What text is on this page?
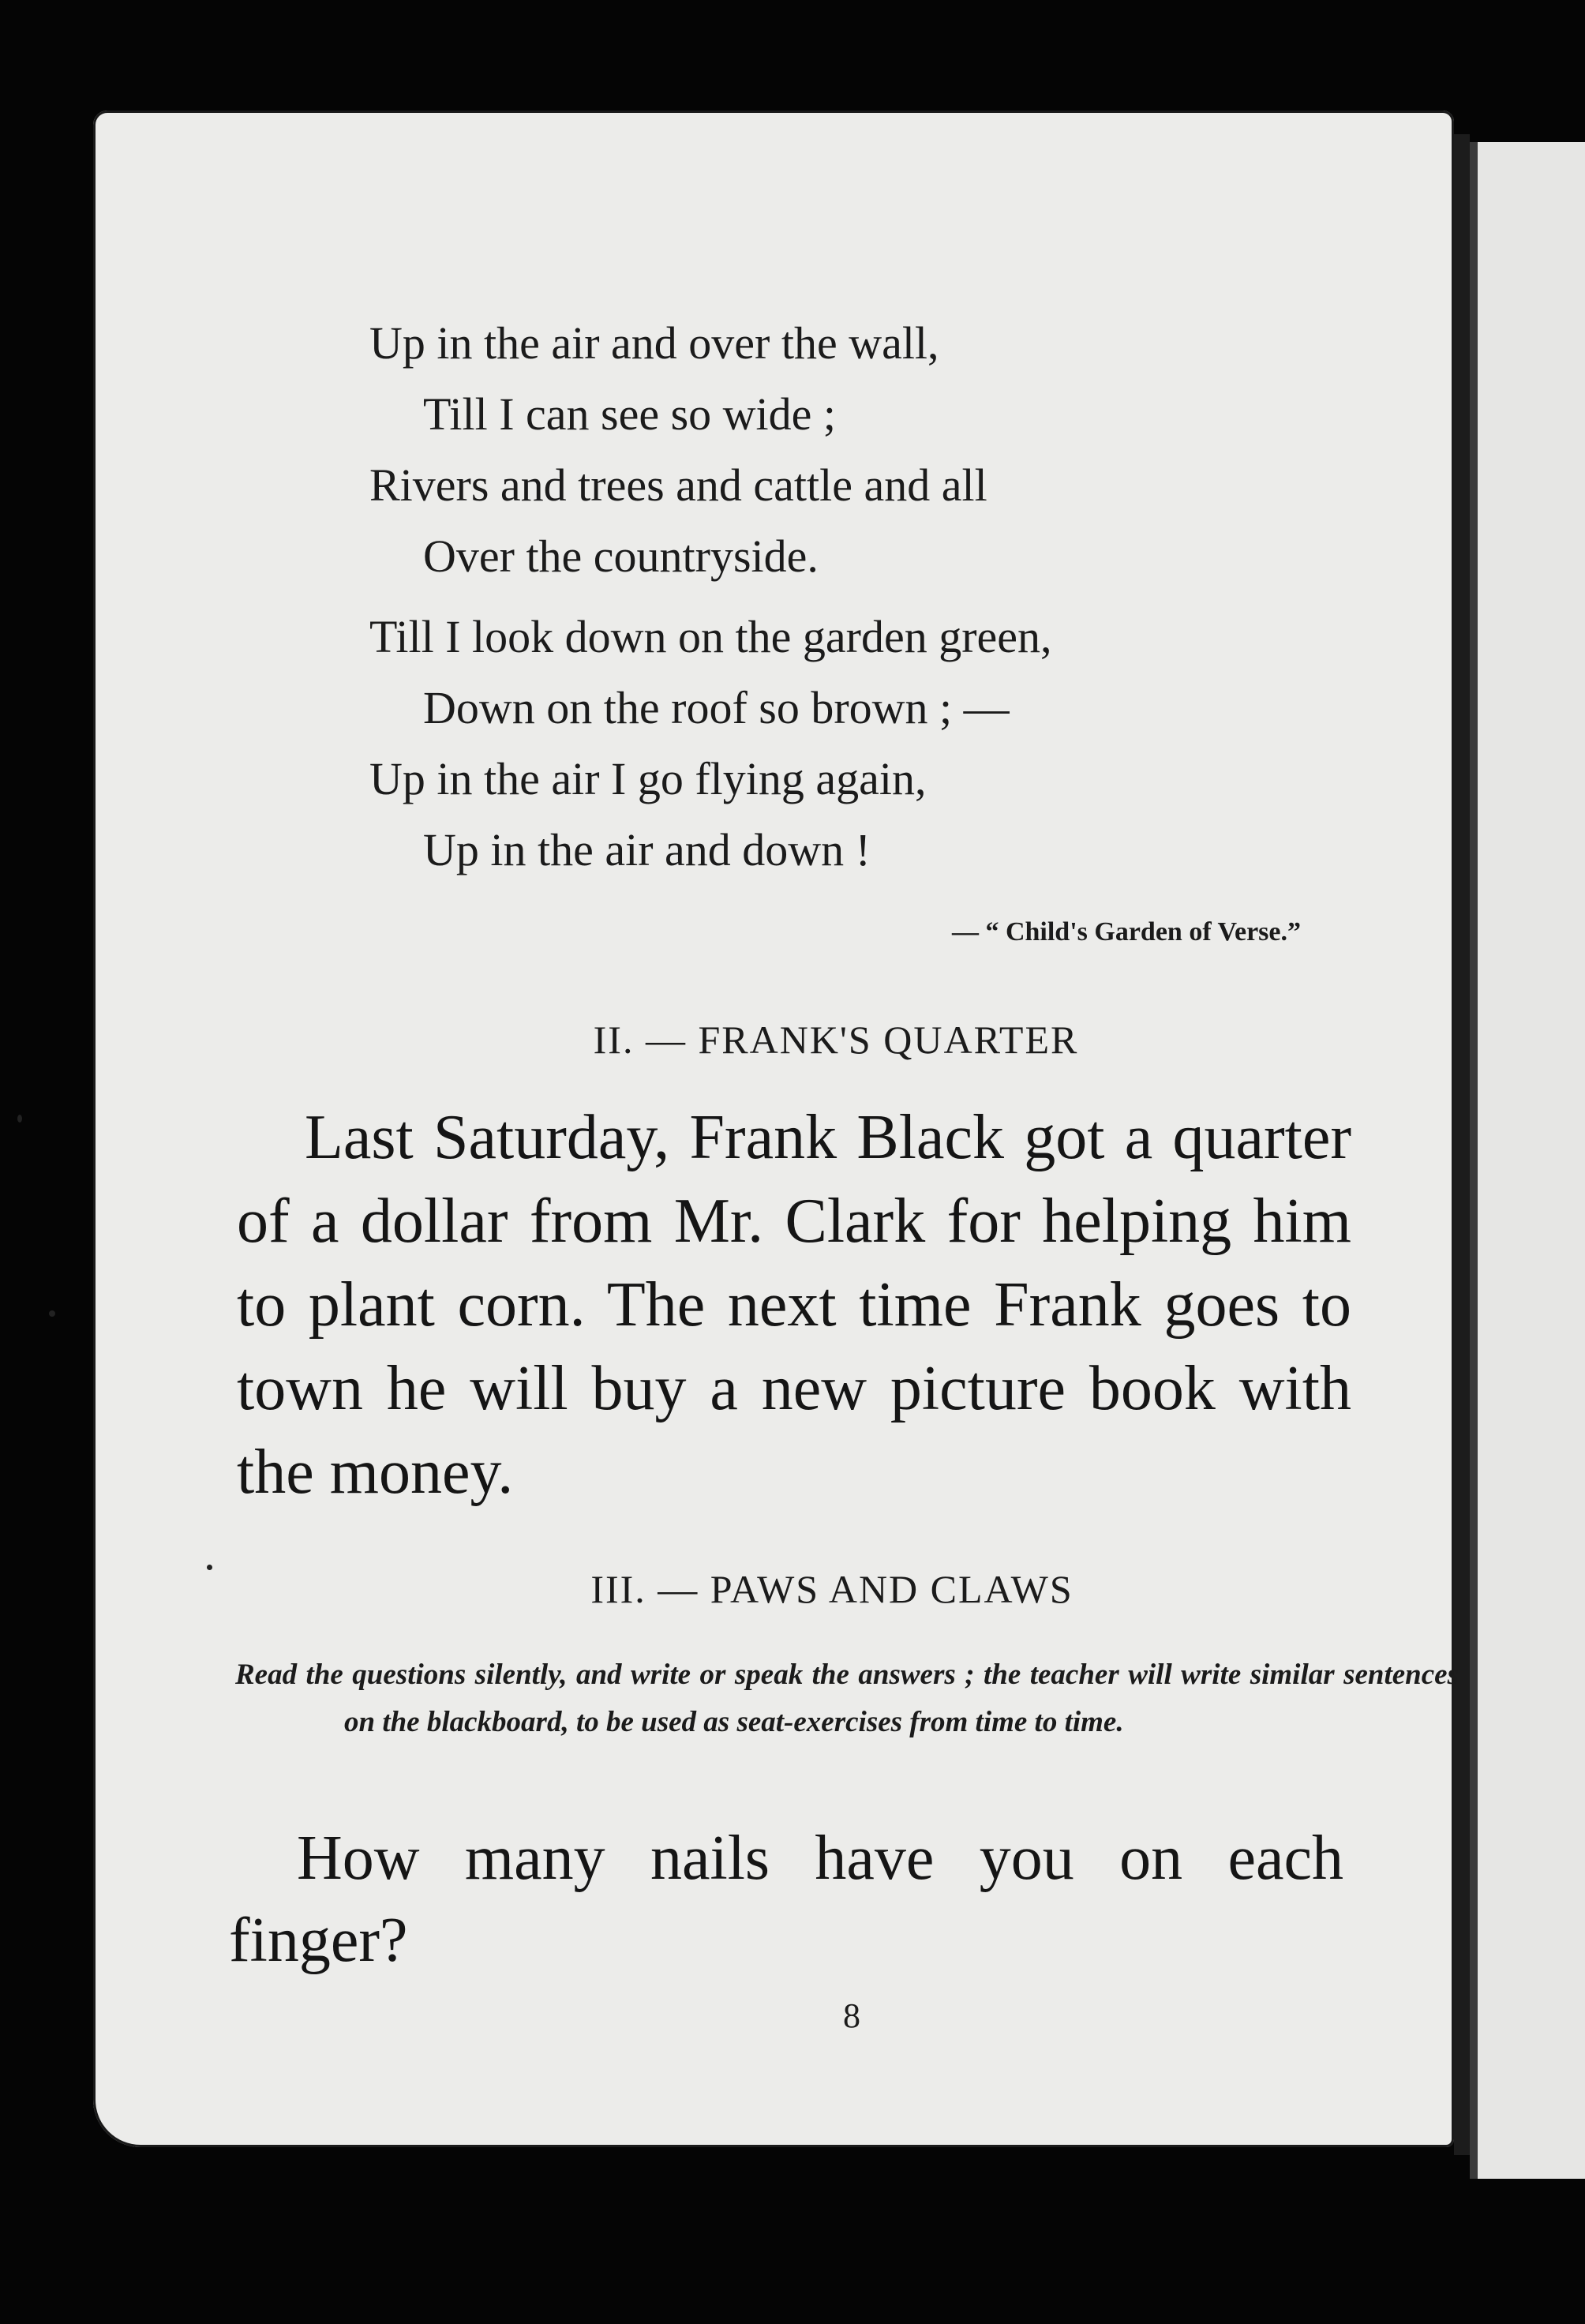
Up in the air and over the wall,
Till I can see so wide ;
Rivers and trees and cattle and all
Over the countryside.
Till I look down on the garden green,
Down on the roof so brown ; —
Up in the air I go flying again,
Up in the air and down !
— “ Child's Garden of Verse.”
II. — FRANK'S QUARTER
Last Saturday, Frank Black got a quarter of a dollar from Mr. Clark for helping him to plant corn. The next time Frank goes to town he will buy a new picture book with the money.
III. — PAWS AND CLAWS
Read the questions silently, and write or speak the answers ; the teacher will write similar sentences on the blackboard, to be used as seat-exercises from time to time.
How many nails have you on each finger?
8
